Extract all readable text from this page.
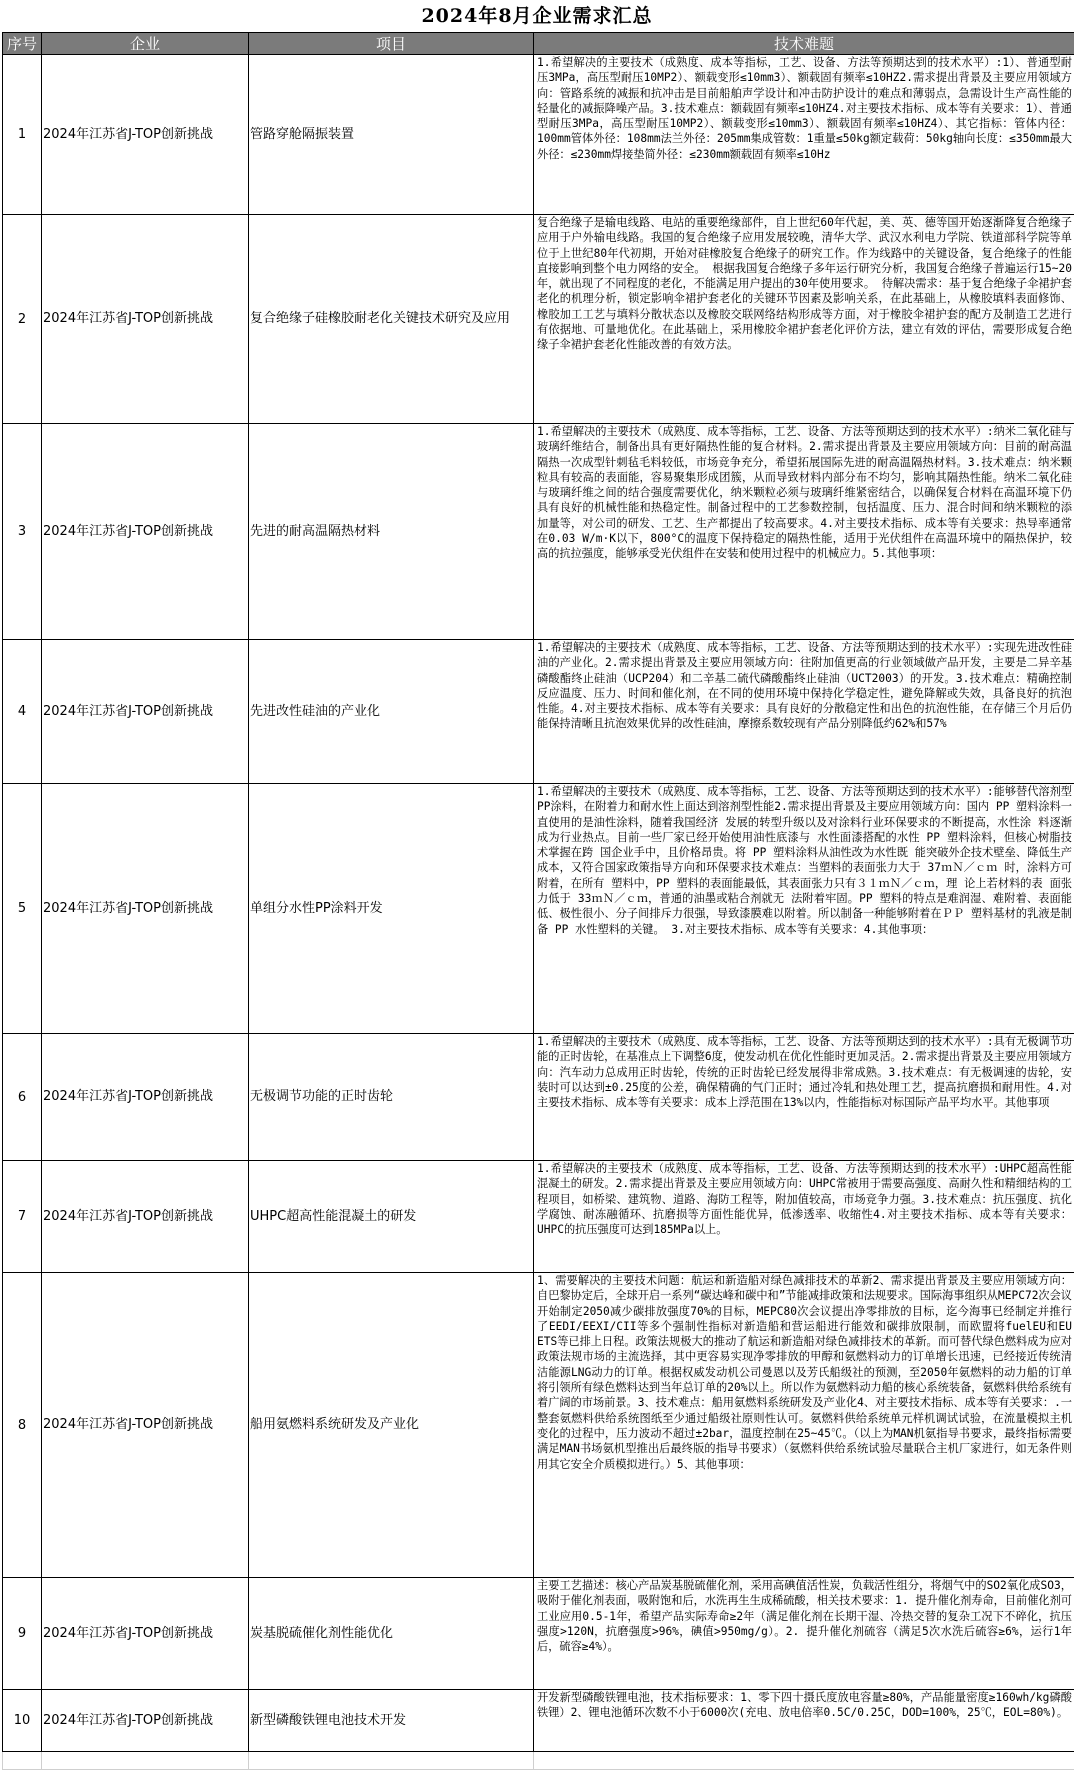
2024年8月企业需求汇总
序号	企业	项目	技术难题
1	2024年江苏省J-TOP创新挑战	管路穿舱隔振装置	1.希望解决的主要技术（成熟度、成本等指标，工艺、设备、方法等预期达到的技术水平）:1）、普通型耐压3MPa，高压型耐压10MP2）、额载变形≤10mm3）、额载固有频率≤10HZ2.需求提出背景及主要应用领域方向：管路系统的减振和抗冲击是目前船舶声学设计和冲击防护设计的难点和薄弱点，急需设计生产高性能的轻量化的减振降噪产品。3.技术难点：额载固有频率≤10HZ4.对主要技术指标、成本等有关要求：1）、普通型耐压3MPa，高压型耐压10MP2）、额载变形≤10mm3）、额载固有频率≤10HZ4）、其它指标：管体内径：100mm管体外径：108mm法兰外径：205mm集成管数：1重量≤50kg额定载荷：50kg轴向长度：≤350mm最大外径：≤230mm焊接垫简外径：≤230mm额载固有频率≤10Hz
2	2024年江苏省J-TOP创新挑战	复合绝缘子硅橡胶耐老化关键技术研究及应用	复合绝缘子是输电线路、电站的重要绝缘部件，自上世纪60年代起，美、英、德等国开始逐渐降复合绝缘子应用于户外输电线路。我国的复合绝缘子应用发展较晚，清华大学、武汉水利电力学院、铁道部科学院等单位于上世纪80年代初期，开始对硅橡胶复合绝缘子的研究工作。作为线路中的关键设备，复合绝缘子的性能直接影响到整个电力网络的安全。 根据我国复合绝缘子多年运行研究分析，我国复合绝缘子普遍运行15~20年，就出现了不同程度的老化，不能满足用户提出的30年使用要求。 待解决需求：基于复合绝缘子伞裙护套老化的机理分析，锁定影响伞裙护套老化的关键环节因素及影响关系，在此基础上，从橡胶填料表面修饰、橡胶加工工艺与填料分散状态以及橡胶交联网络结构形成等方面，对于橡胶伞裙护套的配方及制造工艺进行有依据地、可量地优化。在此基础上，采用橡胶伞裙护套老化评价方法，建立有效的评估，需要形成复合绝缘子伞裙护套老化性能改善的有效方法。
3	2024年江苏省J-TOP创新挑战	先进的耐高温隔热材料	1.希望解决的主要技术（成熟度、成本等指标，工艺、设备、方法等预期达到的技术水平）:纳米二氧化硅与玻璃纤维结合，制备出具有更好隔热性能的复合材料。2.需求提出背景及主要应用领域方向：目前的耐高温隔热一次成型针刺毡毛料较低，市场竞争充分，希望拓展国际先进的耐高温隔热材料。3.技术难点：纳米颗粒具有较高的表面能，容易聚集形成团簇，从而导致材料内部分布不均匀，影响其隔热性能。纳米二氧化硅与玻璃纤维之间的结合强度需要优化，纳米颗粒必须与玻璃纤维紧密结合，以确保复合材料在高温环境下仍具有良好的机械性能和热稳定性。制备过程中的工艺参数控制，包括温度、压力、混合时间和纳米颗粒的添加量等，对公司的研发、工艺、生产都提出了较高要求。4.对主要技术指标、成本等有关要求：热导率通常在0.03 W/m·K以下，800°C的温度下保持稳定的隔热性能，适用于光伏组件在高温环境中的隔热保护，较高的抗拉强度，能够承受光伏组件在安装和使用过程中的机械应力。5.其他事项：
4	2024年江苏省J-TOP创新挑战	先进改性硅油的产业化	1.希望解决的主要技术（成熟度、成本等指标，工艺、设备、方法等预期达到的技术水平）:实现先进改性硅油的产业化。2.需求提出背景及主要应用领域方向：往附加值更高的行业领域做产品开发，主要是二异辛基磷酸酯终止硅油（UCP204）和二辛基二硫代磷酸酯终止硅油（UCT2003）的开发。3.技术难点：精确控制反应温度、压力、时间和催化剂，在不同的使用环境中保持化学稳定性，避免降解或失效，具备良好的抗泡性能。4.对主要技术指标、成本等有关要求：具有良好的分散稳定性和出色的抗泡性能，在存储三个月后仍能保持清晰且抗泡效果优异的改性硅油，摩擦系数较现有产品分别降低约62%和57%
5	2024年江苏省J-TOP创新挑战	单组分水性PP涂料开发	1.希望解决的主要技术（成熟度、成本等指标，工艺、设备、方法等预期达到的技术水平）:能够替代溶剂型PP涂料，在附着力和耐水性上面达到溶剂型性能2.需求提出背景及主要应用领域方向：国内 PP 塑料涂料一直使用的是油性涂料，随着我国经济 发展的转型升级以及对涂料行业环保要求的不断提高，水性涂 料逐渐成为行业热点。目前一些厂家已经开始使用油性底漆与 水性面漆搭配的水性 PP 塑料涂料，但核心树脂技术掌握在跨 国企业手中，且价格昂贵。将 PP 塑料涂料从油性改为水性既 能突破外企技术壁垒、降低生产成本，又符合国家政策指导方向和环保要求技术难点：当塑料的表面张力大于 37ｍＮ／ｃｍ 时，涂料方可附着，在所有 塑料中，PP 塑料的表面能最低，其表面张力只有３１ｍＮ／ｃｍ，理 论上若材料的表 面张力低于 33ｍＮ／ｃｍ，普通的油墨或粘合剂就无 法附着牢固。PP 塑料的特点是难润湿、难附着、表面能低、极性很小、分子间排斥力很强，导致漆膜难以附着。所以制备一种能够附着在ＰＰ 塑料基材的乳液是制备 PP 水性塑料的关键。 3.对主要技术指标、成本等有关要求：4.其他事项：
6	2024年江苏省J-TOP创新挑战	无极调节功能的正时齿轮	1.希望解决的主要技术（成熟度、成本等指标，工艺、设备、方法等预期达到的技术水平）:具有无极调节功能的正时齿轮，在基准点上下调整6度，使发动机在优化性能时更加灵活。2.需求提出背景及主要应用领域方向：汽车动力总成用正时齿轮，传统的正时齿轮已经发展得非常成熟。3.技术难点：有无极调速的齿轮，安装时可以达到±0.25度的公差，确保精确的气门正时；通过冷轧和热处理工艺，提高抗磨损和耐用性。4.对主要技术指标、成本等有关要求：成本上浮范围在13%以内，性能指标对标国际产品平均水平。其他事项
7	2024年江苏省J-TOP创新挑战	UHPC超高性能混凝土的研发	1.希望解决的主要技术（成熟度、成本等指标，工艺、设备、方法等预期达到的技术水平）:UHPC超高性能混凝土的研发。2.需求提出背景及主要应用领域方向：UHPC常被用于需要高强度、高耐久性和精细结构的工程项目，如桥梁、建筑物、道路、海防工程等，附加值较高，市场竞争力强。3.技术难点：抗压强度、抗化学腐蚀、耐冻融循环、抗磨损等方面性能优异，低渗透率、收缩性4.对主要技术指标、成本等有关要求：UHPC的抗压强度可达到185MPa以上。
8	2024年江苏省J-TOP创新挑战	船用氨燃料系统研发及产业化	1、需要解决的主要技术问题：航运和新造船对绿色减排技术的革新2、需求提出背景及主要应用领域方向：自巴黎协定后，全球开启一系列“碳达峰和碳中和”节能减排政策和法规要求。国际海事组织从MEPC72次会议开始制定2050减少碳排放强度70%的目标，MEPC80次会议提出净零排放的目标，迄今海事已经制定并推行了EEDI/EEXI/CII等多个强制性指标对新造船和营运船进行能效和碳排放限制，而欧盟将fuelEU和EU ETS等已排上日程。政策法规极大的推动了航运和新造船对绿色减排技术的革新。而可替代绿色燃料成为应对政策法规市场的主流选择，其中更容易实现净零排放的甲醇和氨燃料动力的订单增长迅速，已经接近传统清洁能源LNG动力的订单。根据权威发动机公司曼恩以及芳氏船级社的预测，至2050年氨燃料的动力船的订单将引领所有绿色燃料达到当年总订单的20%以上。所以作为氨燃料动力船的核心系统装备，氨燃料供给系统有着广阔的市场前景。3、技术难点：船用氨燃料系统研发及产业化4、对主要技术指标、成本等有关要求：.一整套氨燃料供给系统图纸至少通过船级社原则性认可。氨燃料供给系统单元样机调试试验，在流量模拟主机变化的过程中，压力波动不超过±2bar，温度控制在25~45℃。（以上为MAN机氨指导书要求，最终指标需要满足MAN书场氨机型推出后最终版的指导书要求）（氨燃料供给系统试验尽量联合主机厂家进行，如无条件则用其它安全介质模拟进行。）5、其他事项：
9	2024年江苏省J-TOP创新挑战	炭基脱硫催化剂性能优化	主要工艺描述：核心产品炭基脱硫催化剂，采用高碘值活性炭，负载活性组分，将烟气中的SO2氧化成SO3，吸附于催化剂表面，吸附饱和后，水洗再生生成稀硫酸，相关技术要求：1. 提升催化剂寿命，目前催化剂可工业应用0.5-1年，希望产品实际寿命≥2年（满足催化剂在长期干湿、冷热交替的复杂工况下不碎化，抗压强度>120N，抗磨强度>96%，碘值>950mg/g）。2. 提升催化剂硫容（满足5次水洗后硫容≥6%，运行1年后，硫容≥4%）。
10	2024年江苏省J-TOP创新挑战	新型磷酸铁锂电池技术开发	开发新型磷酸铁锂电池，技术指标要求：1、零下四十摄氏度放电容量≥80%，产品能量密度≥160wh/kg磷酸铁锂）2、锂电池循环次数不小于6000次(充电、放电倍率0.5C/0.25C，DOD=100%，25℃，EOL=80%)。
